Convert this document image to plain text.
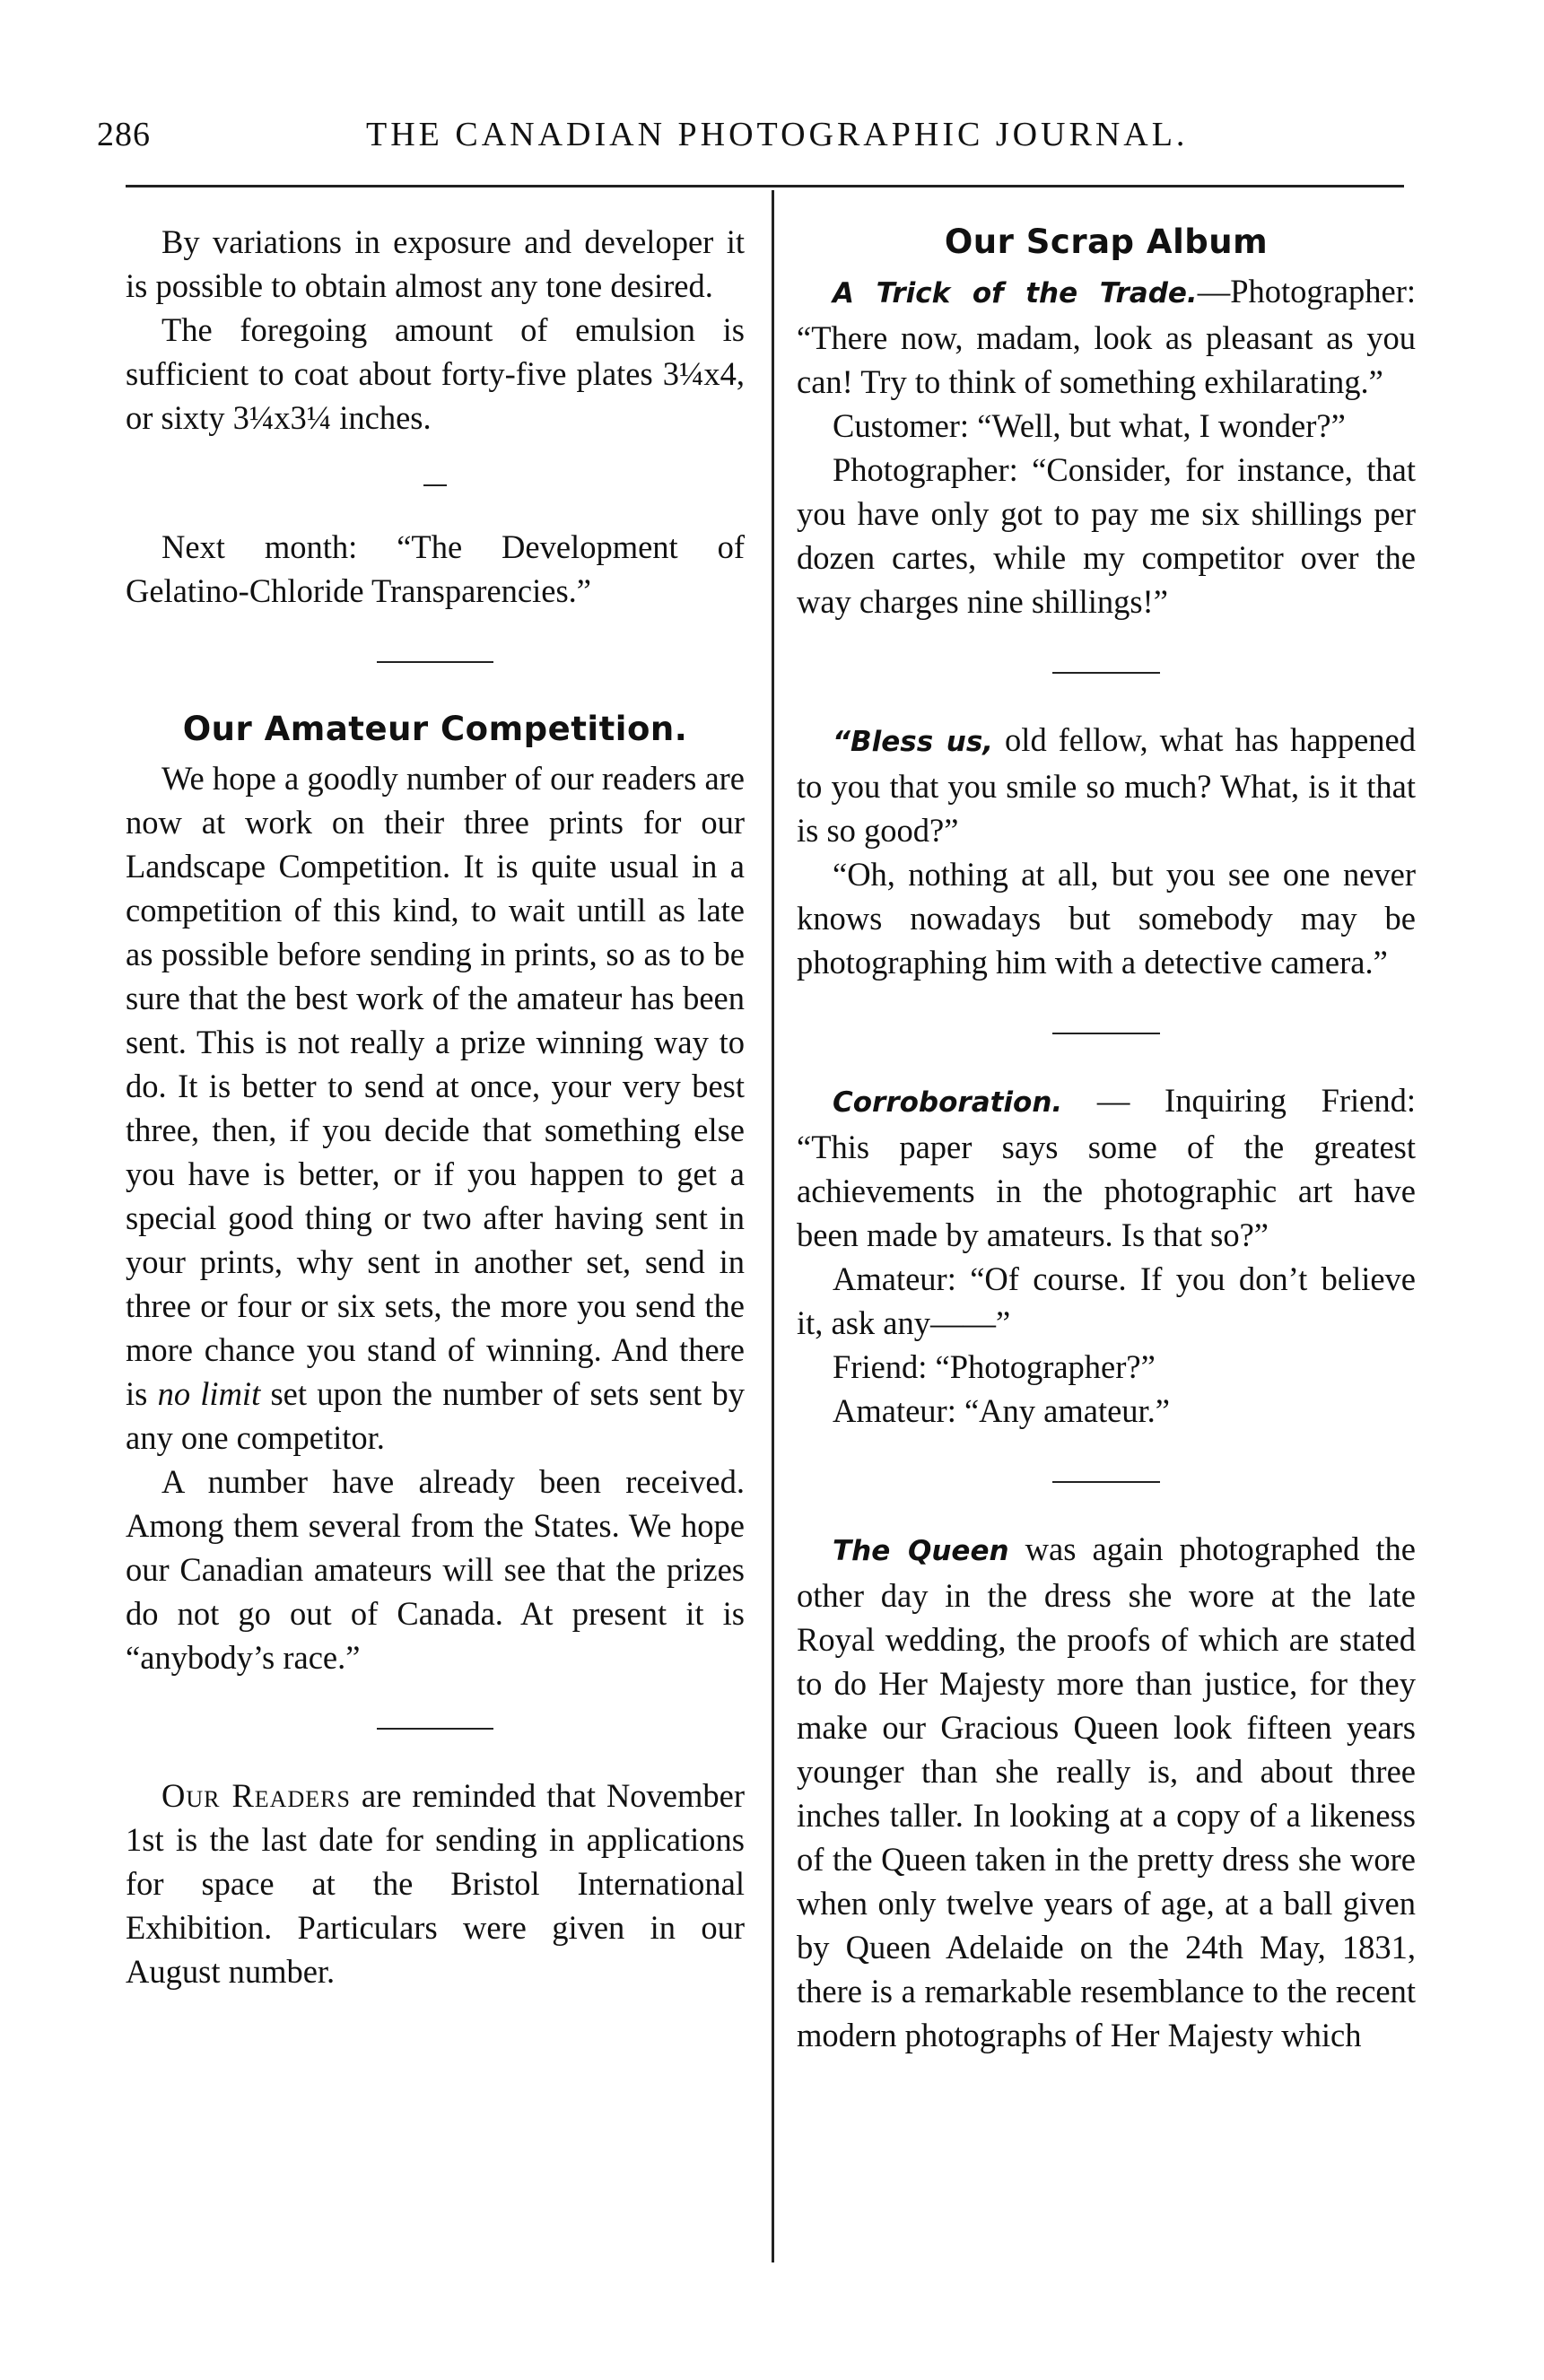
286	THE CANADIAN PHOTOGRAPHIC JOURNAL.

By variations in exposure and developer it is possible to obtain almost any tone desired.

The foregoing amount of emulsion is sufficient to coat about forty-five plates 3¼x4, or sixty 3¼x3¼ inches.

Next month: “The Development of Gelatino-Chloride Transparencies.”

Our Amateur Competition.

We hope a goodly number of our readers are now at work on their three prints for our Landscape Competition. It is quite usual in a competition of this kind, to wait untill as late as possible before sending in prints, so as to be sure that the best work of the amateur has been sent. This is not really a prize winning way to do. It is better to send at once, your very best three, then, if you decide that something else you have is better, or if you happen to get a special good thing or two after having sent in your prints, why sent in another set, send in three or four or six sets, the more you send the more chance you stand of winning. And there is no limit set upon the number of sets sent by any one competitor.

A number have already been received. Among them several from the States. We hope our Canadian amateurs will see that the prizes do not go out of Canada. At present it is “anybody’s race.”

Our Readers are reminded that November 1st is the last date for sending in applications for space at the Bristol International Exhibition. Particulars were given in our August number.

Our Scrap Album

A Trick of the Trade.—Photographer: “There now, madam, look as pleasant as you can! Try to think of something exhilarating.”

Customer: “Well, but what, I wonder?”

Photographer: “Consider, for instance, that you have only got to pay me six shillings per dozen cartes, while my competitor over the way charges nine shillings!”

“Bless us, old fellow, what has happened to you that you smile so much? What, is it that is so good?”

“Oh, nothing at all, but you see one never knows nowadays but somebody may be photographing him with a detective camera.”

Corroboration. — Inquiring Friend: “This paper says some of the greatest achievements in the photographic art have been made by amateurs. Is that so?”

Amateur: “Of course. If you don’t believe it, ask any——”

Friend: “Photographer?”

Amateur: “Any amateur.”

The Queen was again photographed the other day in the dress she wore at the late Royal wedding, the proofs of which are stated to do Her Majesty more than justice, for they make our Gracious Queen look fifteen years younger than she really is, and about three inches taller. In looking at a copy of a likeness of the Queen taken in the pretty dress she wore when only twelve years of age, at a ball given by Queen Adelaide on the 24th May, 1831, there is a remarkable resemblance to the recent modern photographs of Her Majesty which
